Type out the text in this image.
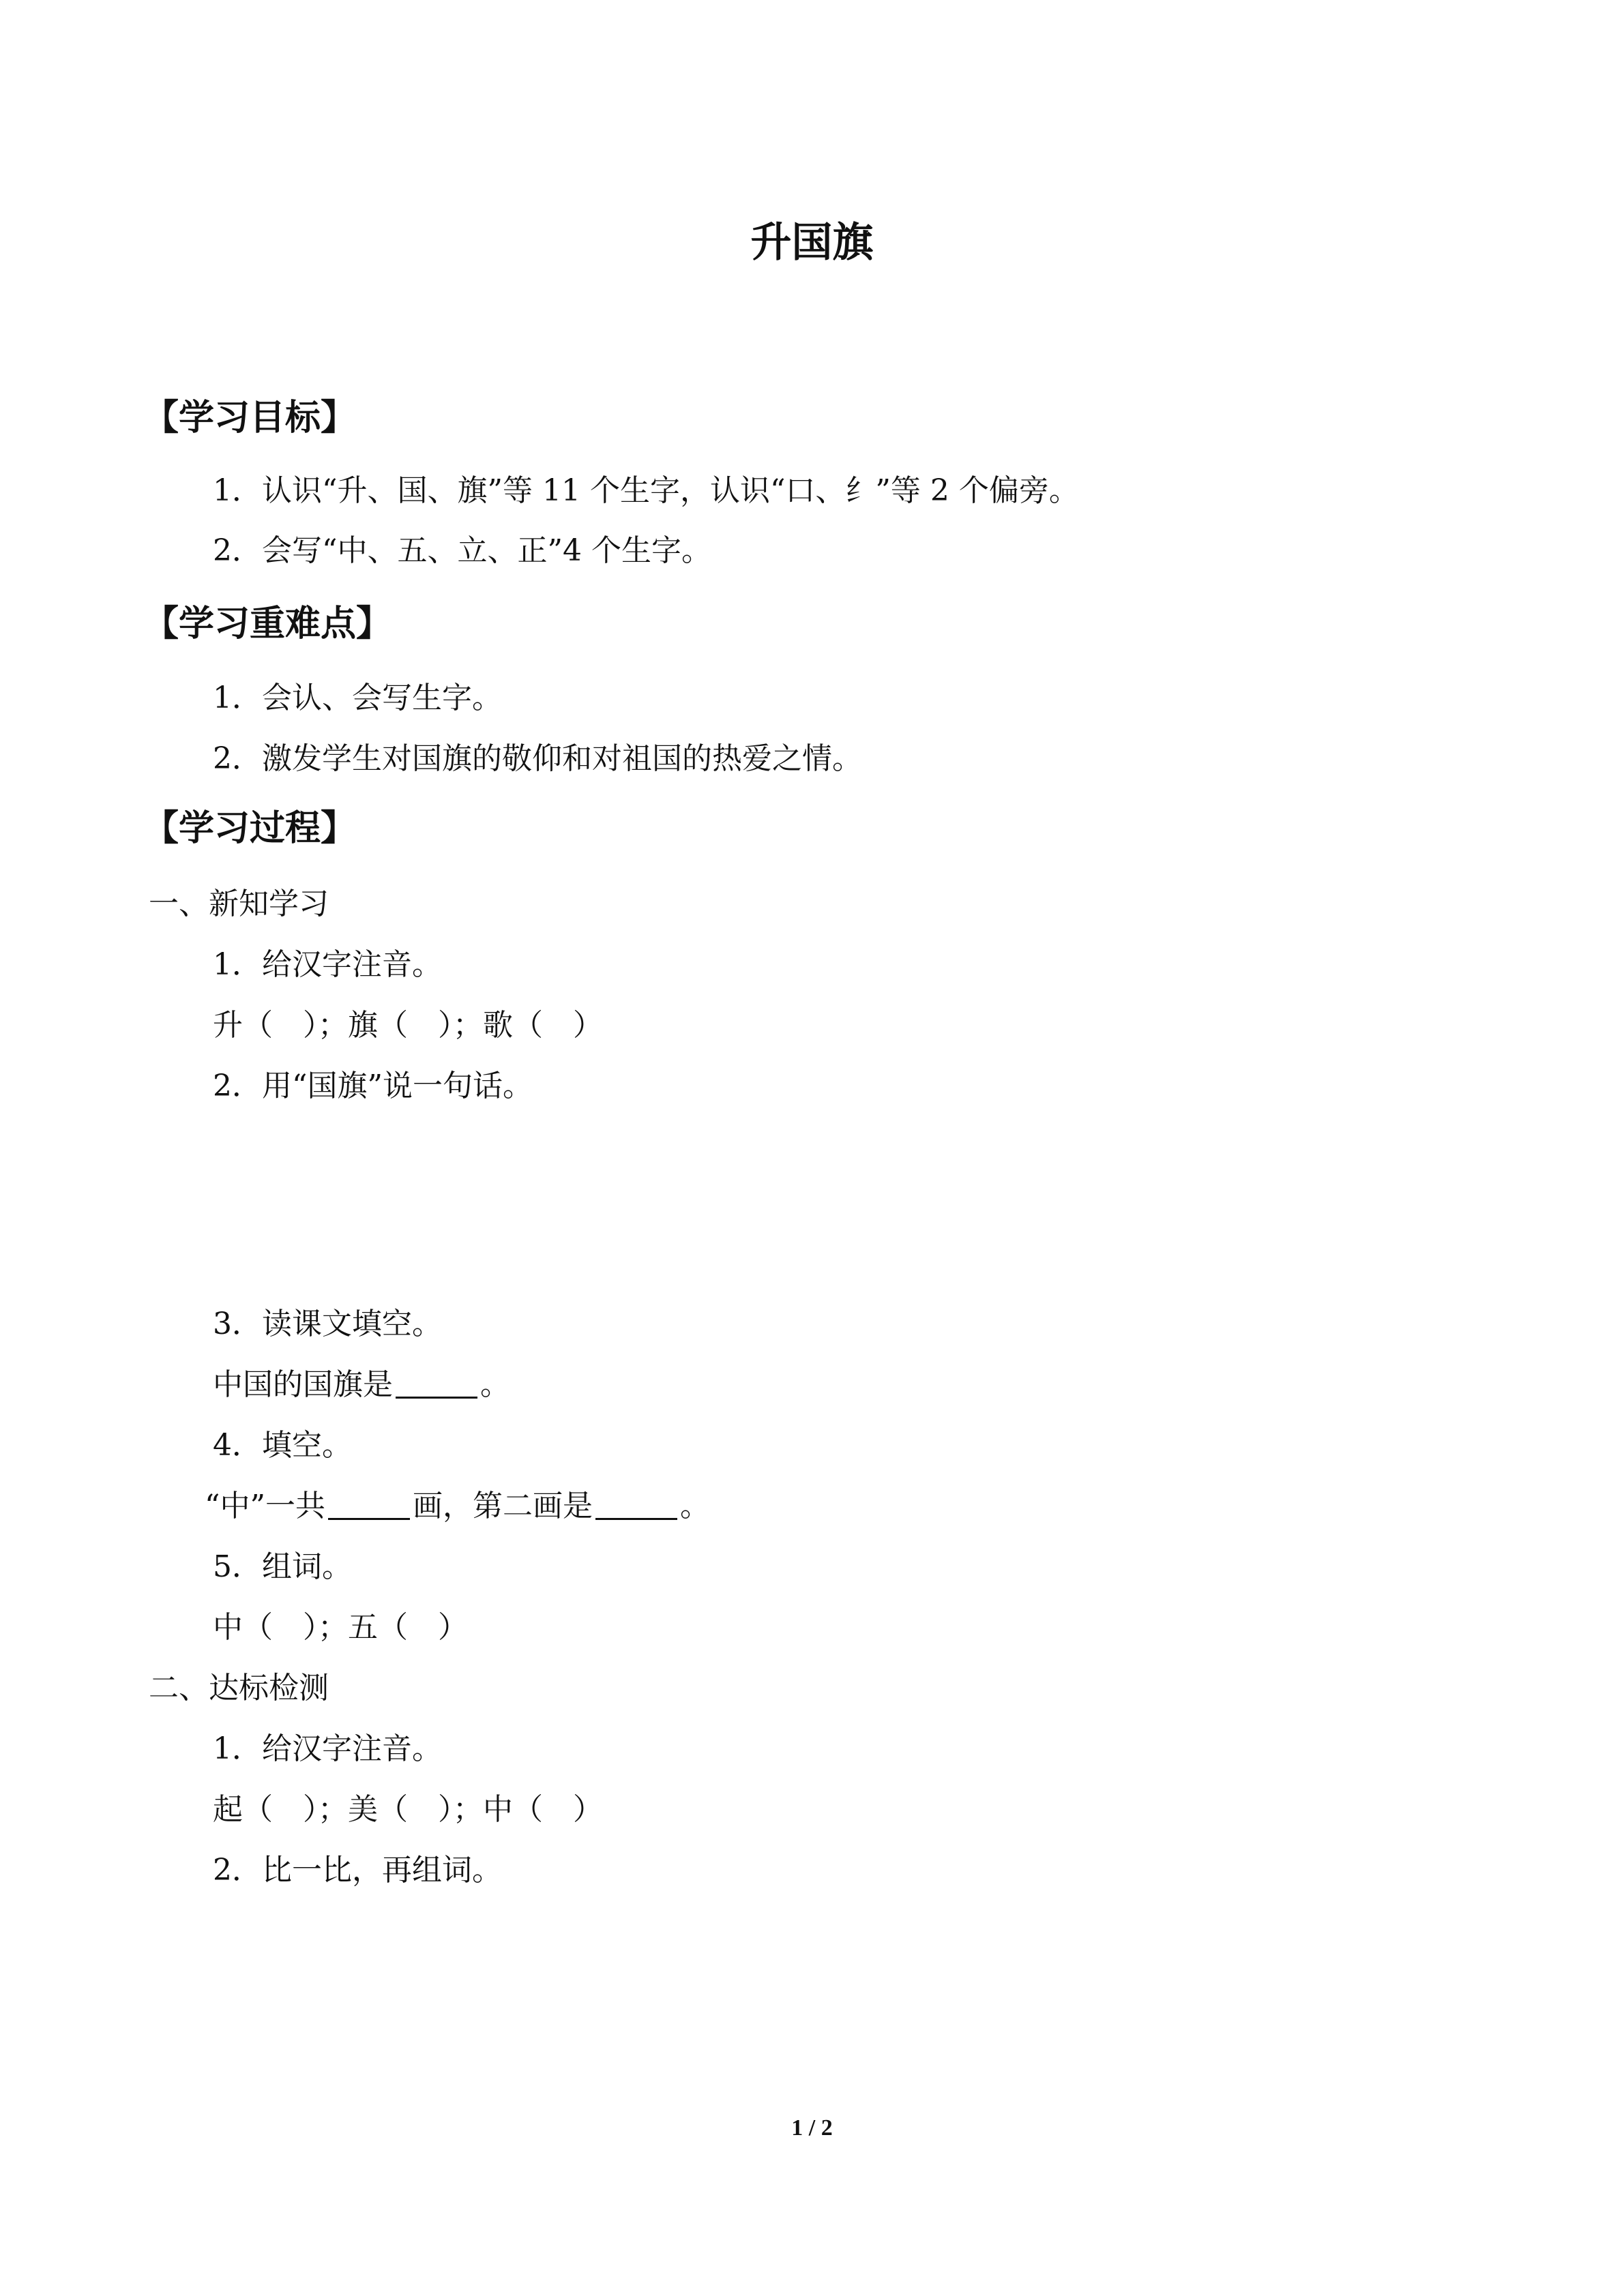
升国旗
【学习目标】
1．认识“升、国、旗”等 11 个生字，认识“口、纟”等 2 个偏旁。
2．会写“中、五、立、正”4 个生字。
【学习重难点】
1．会认、会写生字。
2．激发学生对国旗的敬仰和对祖国的热爱之情。
【学习过程】
一、新知学习
1．给汉字注音。
升（　）；旗（　）；歌（　）
2．用“国旗”说一句话。
3．读课文填空。
中国的国旗是	。
4．填空。
“中”一共	画，第二画是	。
5．组词。
中（　）；五（　）
二、达标检测
1．给汉字注音。
起（　）；美（　）；中（　）
2．比一比，再组词。
1 / 2
